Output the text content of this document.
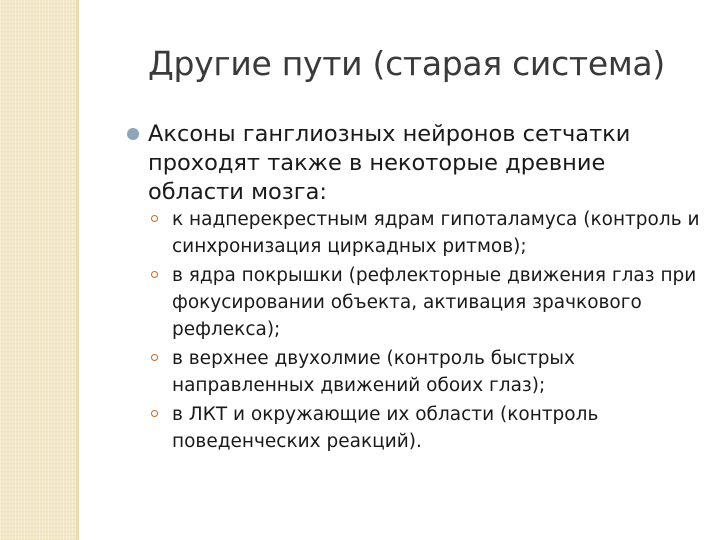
Другие пути (старая система)
Аксоны ганглиозных нейронов сетчатки проходят также в некоторые древние области мозга:
к надперекрестным ядрам гипоталамуса (контроль и синхронизация циркадных ритмов);
в ядра покрышки (рефлекторные движения глаз при фокусировании объекта, активация зрачкового рефлекса);
в верхнее двухолмие (контроль быстрых направленных движений обоих глаз);
в ЛКТ и окружающие их области (контроль поведенческих реакций).
